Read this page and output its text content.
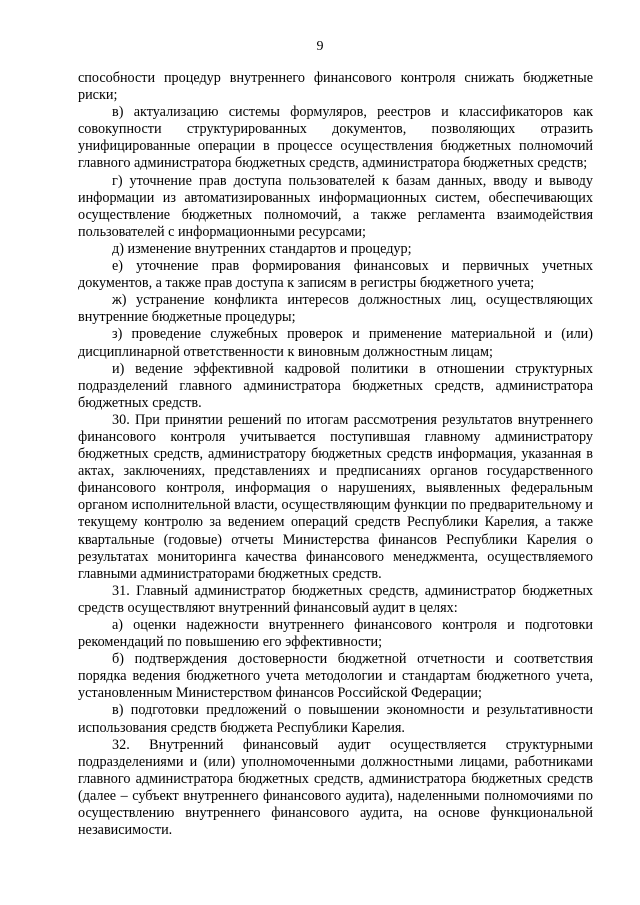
9

способности процедур внутреннего финансового контроля снижать бюджетные риски;

в) актуализацию системы формуляров, реестров и классификаторов как совокупности структурированных документов, позволяющих отразить унифицированные операции в процессе осуществления бюджетных полномочий главного администратора бюджетных средств, администратора бюджетных средств;

г) уточнение прав доступа пользователей к базам данных, вводу и выводу информации из автоматизированных информационных систем, обеспечивающих осуществление бюджетных полномочий, а также регламента взаимодействия пользователей с информационными ресурсами;

д) изменение внутренних стандартов и процедур;

е) уточнение прав формирования финансовых и первичных учетных документов, а также прав доступа к записям в регистры бюджетного учета;

ж) устранение конфликта интересов должностных лиц, осуществляющих внутренние бюджетные процедуры;

з) проведение служебных проверок и применение материальной и (или) дисциплинарной ответственности к виновным должностным лицам;

и) ведение эффективной кадровой политики в отношении структурных подразделений главного администратора бюджетных средств, администратора бюджетных средств.

30. При принятии решений по итогам рассмотрения результатов внутреннего финансового контроля учитывается поступившая главному администратору бюджетных средств, администратору бюджетных средств информация, указанная в актах, заключениях, представлениях и предписаниях органов государственного финансового контроля, информация о нарушениях, выявленных федеральным органом исполнительной власти, осуществляющим функции по предварительному и текущему контролю за ведением операций средств Республики Карелия, а также квартальные (годовые) отчеты Министерства финансов Республики Карелия о результатах мониторинга качества финансового менеджмента, осуществляемого главными администраторами бюджетных средств.

31. Главный администратор бюджетных средств, администратор бюджетных средств осуществляют внутренний финансовый аудит в целях:

а) оценки надежности внутреннего финансового контроля и подготовки рекомендаций по повышению его эффективности;

б) подтверждения достоверности бюджетной отчетности и соответствия порядка ведения бюджетного учета методологии и стандартам бюджетного учета, установленным Министерством финансов Российской Федерации;

в) подготовки предложений о повышении экономности и результативности использования средств бюджета Республики Карелия.

32. Внутренний финансовый аудит осуществляется структурными подразделениями и (или) уполномоченными должностными лицами, работниками главного администратора бюджетных средств, администратора бюджетных средств (далее – субъект внутреннего финансового аудита), наделенными полномочиями по осуществлению внутреннего финансового аудита, на основе функциональной независимости.
